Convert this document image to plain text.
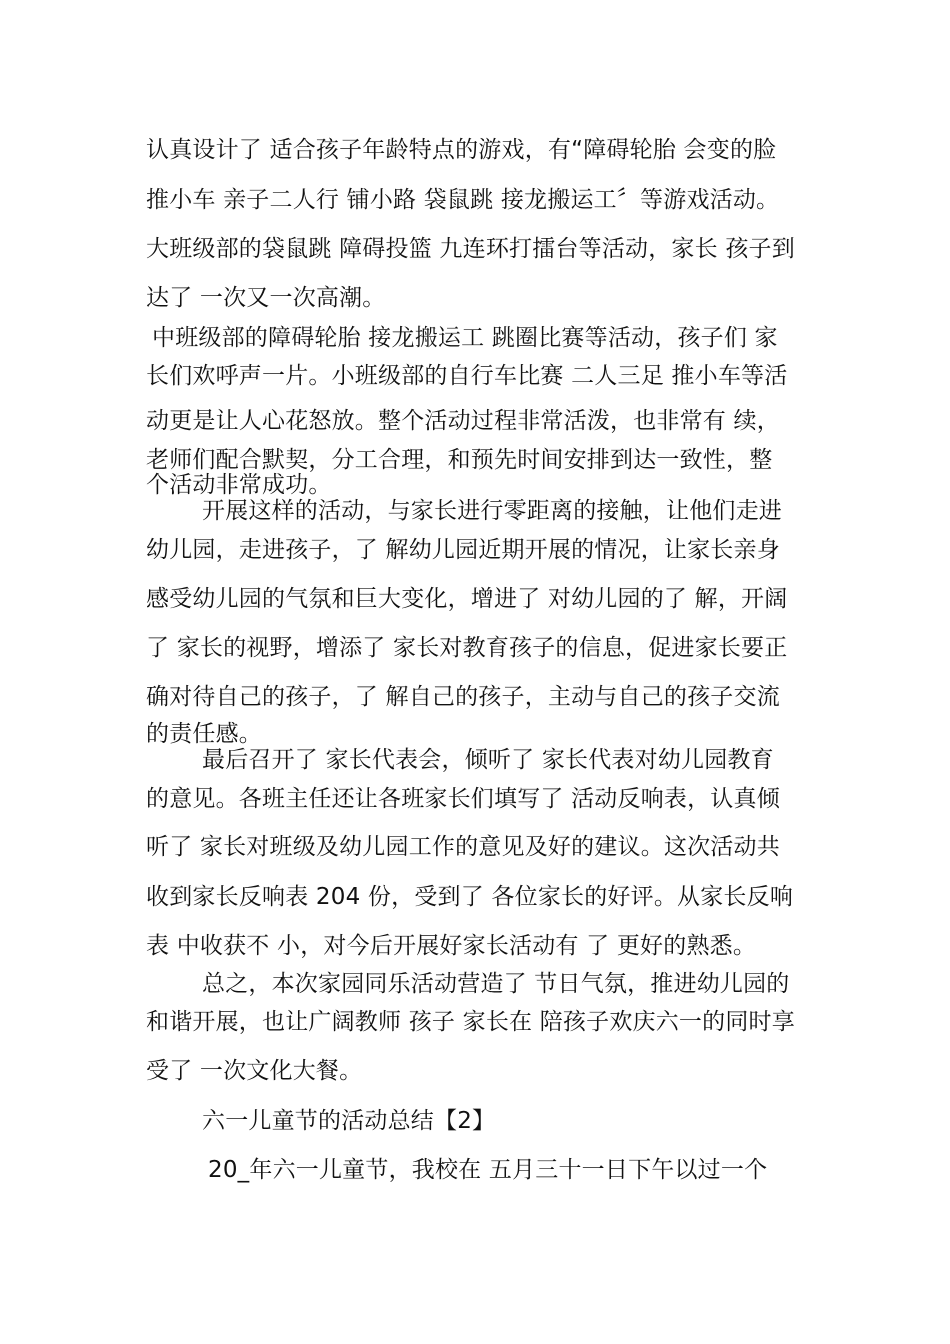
认真设计了 适合孩子年龄特点的游戏，有“障碍轮胎 会变的脸
推小车 亲子二人行 铺小路 袋鼠跳 接龙搬运工〞等游戏活动。
大班级部的袋鼠跳 障碍投篮 九连环打擂台等活动，家长 孩子到
达了 一次又一次高潮。
中班级部的障碍轮胎 接龙搬运工 跳圈比赛等活动，孩子们 家
长们欢呼声一片。小班级部的自行车比赛 二人三足 推小车等活
动更是让人心花怒放。整个活动过程非常活泼，也非常有 续，
老师们配合默契，分工合理，和预先时间安排到达一致性，整
个活动非常成功。
开展这样的活动，与家长进行零距离的接触，让他们走进
幼儿园，走进孩子，了 解幼儿园近期开展的情况，让家长亲身
感受幼儿园的气氛和巨大变化，增进了 对幼儿园的了 解，开阔
了 家长的视野，增添了 家长对教育孩子的信息，促进家长要正
确对待自己的孩子，了 解自己的孩子，主动与自己的孩子交流
的责任感。
最后召开了 家长代表会，倾听了 家长代表对幼儿园教育
的意见。各班主任还让各班家长们填写了 活动反响表，认真倾
听了 家长对班级及幼儿园工作的意见及好的建议。这次活动共
收到家长反响表 204 份，受到了 各位家长的好评。从家长反响
表 中收获不 小，对今后开展好家长活动有 了 更好的熟悉。
总之，本次家园同乐活动营造了 节日气氛，推进幼儿园的
和谐开展，也让广阔教师 孩子 家长在 陪孩子欢庆六一的同时享
受了 一次文化大餐。
六一儿童节的活动总结【2】
20_年六一儿童节，我校在 五月三十一日下午以过一个
